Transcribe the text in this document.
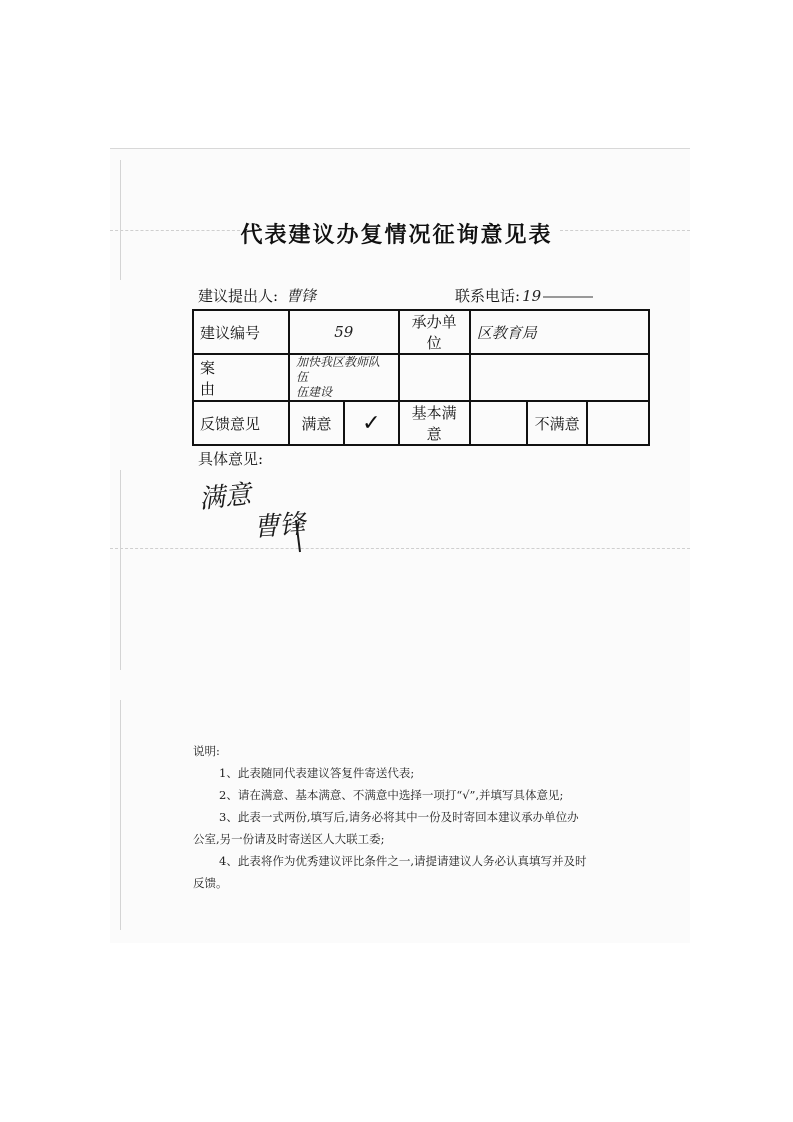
代表建议办复情况征询意见表
建议提出人: 曹锋	联系电话: 19
建议编号	59		承办单位	区教育局		
案　由	加快我区教师队伍
伍建设					

反馈意见	满意	✓	基本满意		不满意	
具体意见:
满意
曹锋
说明:
1、此表随同代表建议答复件寄送代表;
2、请在满意、基本满意、不满意中选择一项打“√”,并填写具体意见;
3、此表一式两份,填写后,请务必将其中一份及时寄回本建议承办单位办
公室,另一份请及时寄送区人大联工委;
4、此表将作为优秀建议评比条件之一,请提请建议人务必认真填写并及时
反馈。
